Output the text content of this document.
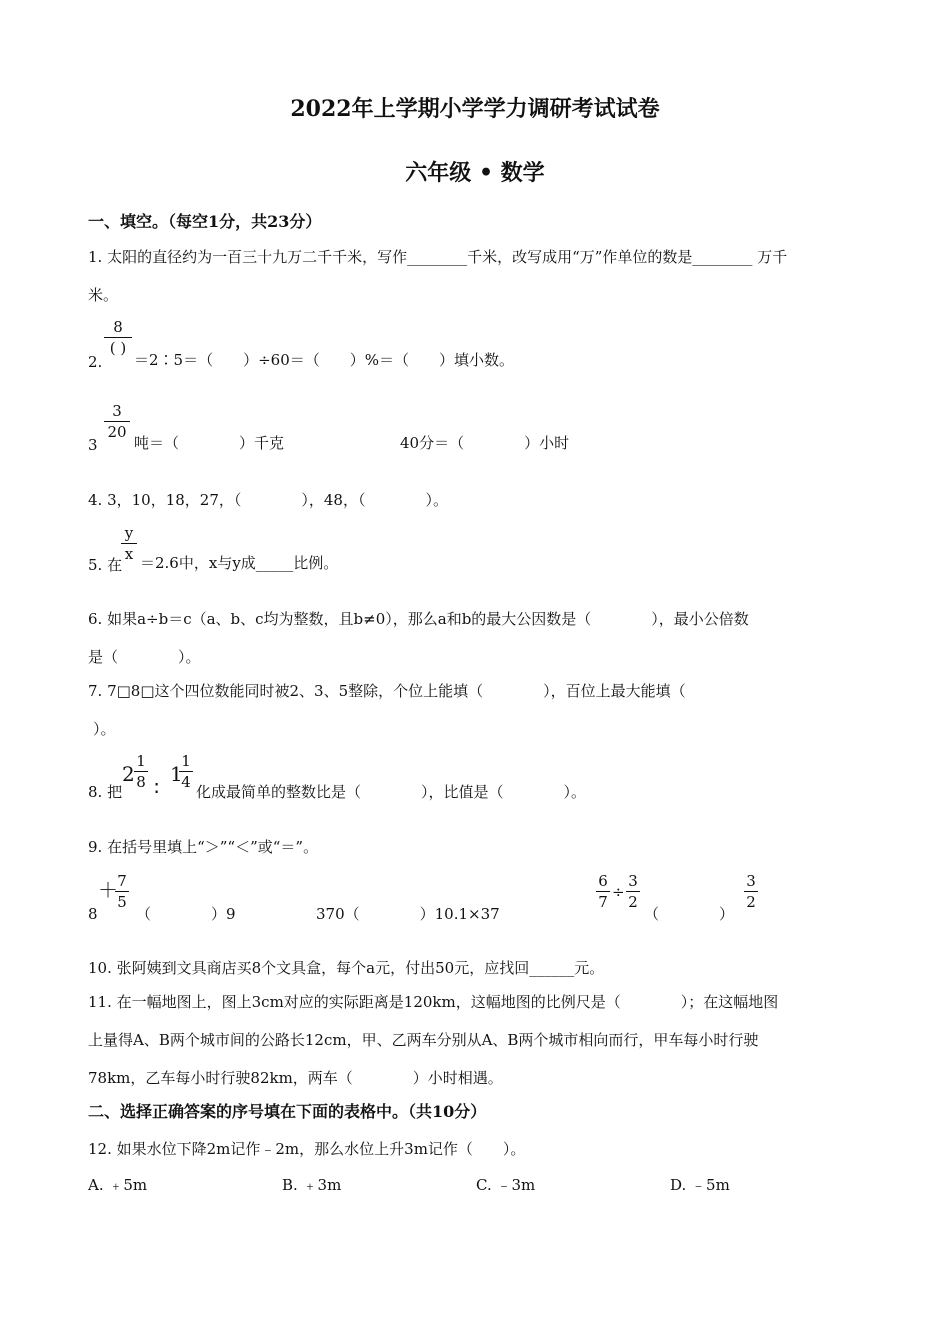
2022年上学期小学学力调研考试试卷
六年级 • 数学
一、填空。（每空1分，共23分）
1. 太阳的直径约为一百三十九万二千千米，写作________千米，改写成用“万”作单位的数是________ 万千
米。
8
( )
2. ＝2∶5＝（　　）÷60＝（　　）%＝（　　）填小数。
3
3
20
吨＝（　　　　）千克	40分＝（　　　　）小时
4. 3，10，18，27，（　　　　），48，（　　　　）。
y
x
5. 在 ＝2.6中，x与y成_____比例。
6. 如果a÷b＝c（a、b、c均为整数，且b≠0），那么a和b的最大公因数是（　　　　），最小公倍数
是（　　　　）。
7. 7□8□这个四位数能同时被2、3、5整除，个位上能填（　　　　），百位上最大能填（
）。
8. 把
2
1
8 ∶
1
1
4
化成最简单的整数比是（　　　　），比值是（　　　　）。
9. 在括号里填上“＞”“＜”或“＝”。
8
＋ 7
5
（　　　　）9	370（　　　　）10.1×37
6
7
÷
3
2
（　　　　）
3
2
10. 张阿姨到文具商店买8个文具盒，每个a元，付出50元，应找回______元。
11. 在一幅地图上，图上3cm对应的实际距离是120km，这幅地图的比例尺是（　　　　）；在这幅地图
上量得A、B两个城市间的公路长12cm，甲、乙两车分别从A、B两个城市相向而行，甲车每小时行驶
78km，乙车每小时行驶82km，两车（　　　　）小时相遇。
二、选择正确答案的序号填在下面的表格中。（共10分）
12. 如果水位下降2m记作﹣2m，那么水位上升3m记作（　　）。
A. ﹢5m	B. ﹢3m	C. ﹣3m	D. ﹣5m
